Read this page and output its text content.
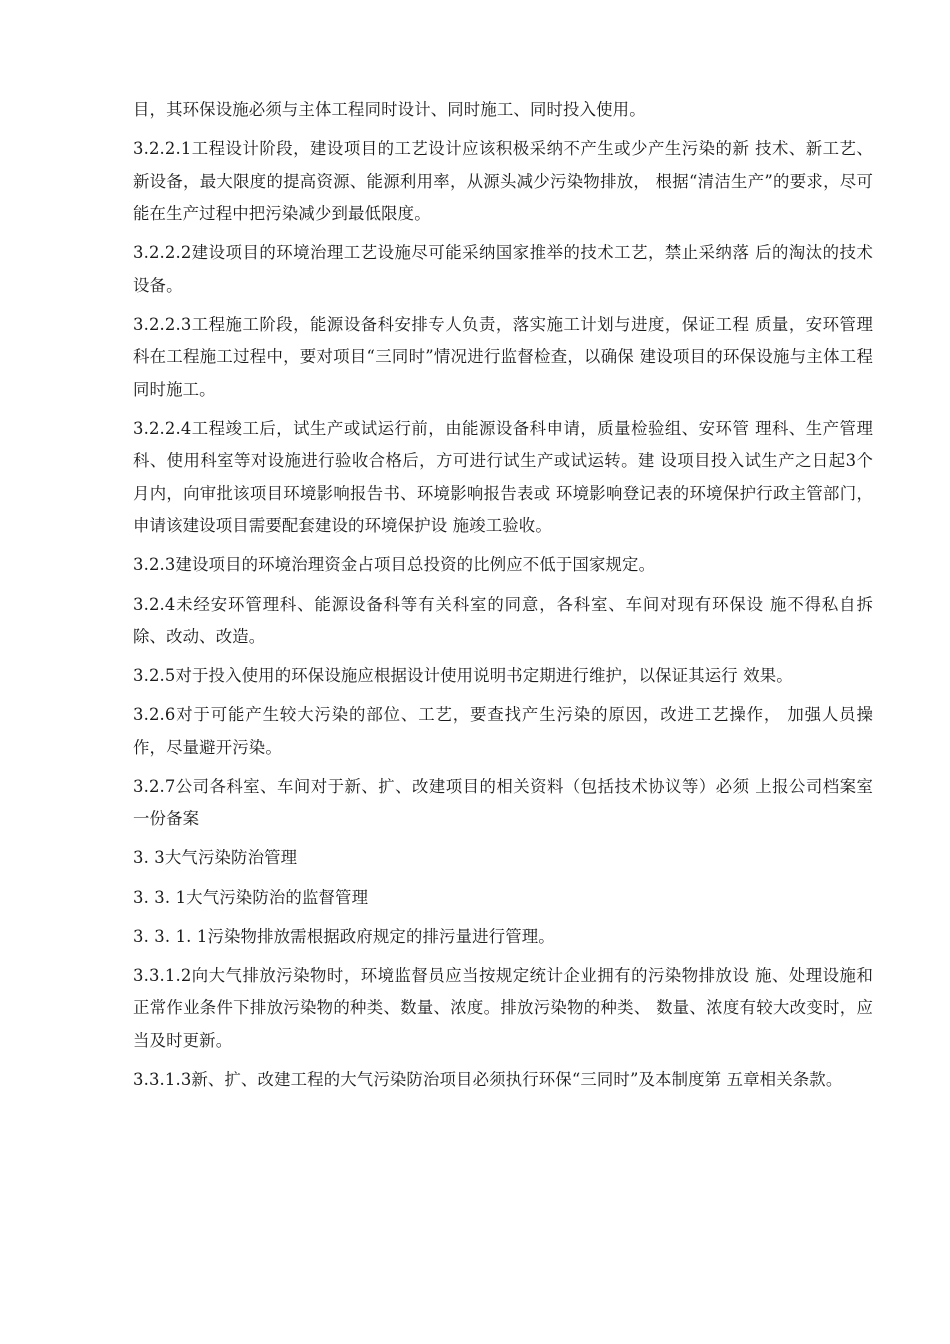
目，其环保设施必须与主体工程同时设计、同时施工、同时投入使用。

3.2.2.1工程设计阶段，建设项目的工艺设计应该积极采纳不产生或少产生污染的新 技术、新工艺、新设备，最大限度的提高资源、能源利用率，从源头减少污染物排放， 根据“清洁生产”的要求，尽可能在生产过程中把污染减少到最低限度。

3.2.2.2建设项目的环境治理工艺设施尽可能采纳国家推举的技术工艺，禁止采纳落 后的淘汰的技术设备。

3.2.2.3工程施工阶段，能源设备科安排专人负责，落实施工计划与进度，保证工程 质量，安环管理科在工程施工过程中，要对项目“三同时”情况进行监督检查，以确保 建设项目的环保设施与主体工程同时施工。

3.2.2.4工程竣工后，试生产或试运行前，由能源设备科申请，质量检验组、安环管 理科、生产管理科、使用科室等对设施进行验收合格后，方可进行试生产或试运转。建 设项目投入试生产之日起3个月内，向审批该项目环境影响报告书、环境影响报告表或 环境影响登记表的环境保护行政主管部门，申请该建设项目需要配套建设的环境保护设 施竣工验收。

3.2.3建设项目的环境治理资金占项目总投资的比例应不低于国家规定。

3.2.4未经安环管理科、能源设备科等有关科室的同意，各科室、车间对现有环保设 施不得私自拆除、改动、改造。

3.2.5对于投入使用的环保设施应根据设计使用说明书定期进行维护，以保证其运行 效果。

3.2.6对于可能产生较大污染的部位、工艺，要查找产生污染的原因，改进工艺操作， 加强人员操作，尽量避开污染。

3.2.7公司各科室、车间对于新、扩、改建项目的相关资料（包括技术协议等）必须 上报公司档案室一份备案

3. 3大气污染防治管理

3. 3. 1大气污染防治的监督管理

3. 3. 1. 1污染物排放需根据政府规定的排污量进行管理。

3.3.1.2向大气排放污染物时，环境监督员应当按规定统计企业拥有的污染物排放设 施、处理设施和正常作业条件下排放污染物的种类、数量、浓度。排放污染物的种类、 数量、浓度有较大改变时，应当及时更新。

3.3.1.3新、扩、改建工程的大气污染防治项目必须执行环保“三同时”及本制度第 五章相关条款。
